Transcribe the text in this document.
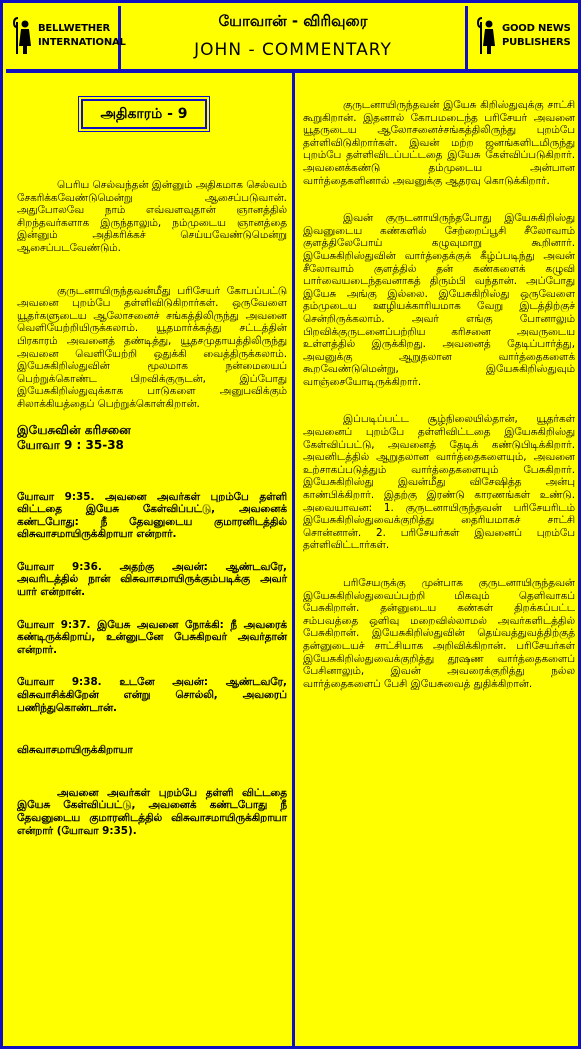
BELLWETHER
INTERNATIONAL
யோவான் - விரிவுரை
JOHN - COMMENTARY
GOOD NEWS
PUBLISHERS
அதிகாரம் - 9

பெரிய செல்வந்தன் இன்னும் அதிகமாக செல்வம் சேகரிக்கவேண்டுமென்று ஆசைப்படுவான். அதுபோலவே நாம் எவ்வளவுதான் ஞானத்தில் சிறந்தவர்களாக இருந்தாலும், நம்முடைய ஞானத்தை இன்னும் அதிகரிக்கச் செய்யவேண்டுமென்று ஆசைப்படவேண்டும்.

குருடனாயிருந்தவன்மீது பரிசேயர் கோபப்பட்டு அவனை புறம்பே தள்ளிவிடுகிறார்கள். ஒருவேளை யூதர்களுடைய ஆலோசனைச் சங்கத்திலிருந்து அவனை வெளியேற்றியிருக்கலாம். யூதமார்க்கத்து சட்டத்தின் பிரகாரம் அவனைத் தண்டித்து, யூதசமுதாயத்திலிருந்து அவனை வெளியேற்றி ஒதுக்கி வைத்திருக்கலாம். இயேசுகிறிஸ்துவின் மூலமாக நன்மையைப் பெற்றுக்கொண்ட பிறவிக்குருடன், இப்போது இயேசுகிறிஸ்துவுக்காக பாடுகளை அனுபவிக்கும் சிலாக்கியத்தைப் பெற்றுக்கொள்கிறான்.

இயேசுவின் கரிசனை
யோவா 9 : 35-38

யோவா 9:35. அவனை அவர்கள் புறம்பே தள்ளி விட்டதை இயேசு கேள்விப்பட்டு, அவனைக் கண்டபோது: நீ தேவனுடைய குமாரனிடத்தில் விசுவாசமாயிருக்கிறாயா என்றார்.

யோவா 9:36. அதற்கு அவன்: ஆண்டவரே, அவரிடத்தில் நான் விசுவாசமாயிருக்கும்படிக்கு அவர் யார் என்றான்.

யோவா 9:37. இயேசு அவனை நோக்கி: நீ அவரைக் கண்டிருக்கிறாய், உன்னுடனே பேசுகிறவர் அவர்தான் என்றார்.

யோவா 9:38. உடனே அவன்: ஆண்டவரே, விசுவாசிக்கிறேன் என்று சொல்லி, அவரைப் பணிந்துகொண்டான்.

விசுவாசமாயிருக்கிறாயா

அவனை அவர்கள் புறம்பே தள்ளி விட்டதை இயேசு கேள்விப்பட்டு, அவனைக் கண்டபோது நீ தேவனுடைய குமாரனிடத்தில் விசுவாசமாயிருக்கிறாயா என்றார் (யோவா 9:35).

குருடனாயிருந்தவன் இயேசு கிறிஸ்துவுக்கு சாட்சி கூறுகிறான். இதனால் கோபமடைந்த பரிசேயர் அவனை யூதருடைய ஆலோசனைச்சங்கத்திலிருந்து புறம்பே தள்ளிவிடுகிறார்கள். இவன் மற்ற ஜனங்களிடமிருந்து புறம்பே தள்ளிவிடப்பட்டதை இயேசு கேள்விப்படுகிறார். அவனைக்கண்டு தம்முடைய அன்பான வார்த்தைகளினால் அவனுக்கு ஆதரவு கொடுக்கிறார்.

இவன் குருடனாயிருந்தபோது இயேசுகிறிஸ்து இவனுடைய கண்களில் சேற்றைப்பூசி சீலோவாம் குளத்திலேபோய் கழுவுமாறு கூறினார். இயேசுகிறிஸ்துவின் வார்த்தைக்குக் கீழ்ப்படிந்து அவன் சீலோவாம் குளத்தில் தன் கண்களைக் கழுவி பார்வையடைந்தவனாகத் திரும்பி வந்தான். அப்போது இயேசு அங்கு இல்லை. இயேசுகிறிஸ்து ஒருவேளை தம்முடைய ஊழியக்காரியமாக வேறு இடத்திற்குச் சென்றிருக்கலாம். அவர் எங்கு போனாலும் பிறவிக்குருடனைப்பற்றிய கரிசனை அவருடைய உள்ளத்தில் இருக்கிறது. அவனைத் தேடிப்பார்த்து, அவனுக்கு ஆறுதலான வார்த்தைகளைக் கூறவேண்டுமென்று, இயேசுகிறிஸ்துவும் வாஞ்சையோடிருக்கிறார்.

இப்படிப்பட்ட சூழ்நிலையில்தான், யூதர்கள் அவனைப் புறம்பே தள்ளிவிட்டதை இயேசுகிறிஸ்து கேள்விப்பட்டு, அவனைத் தேடிக் கண்டுபிடிக்கிறார். அவனிடத்தில் ஆறுதலான வார்த்தைகளையும், அவனை உற்சாகப்படுத்தும் வார்த்தைகளையும் பேசுகிறார். இயேசுகிறிஸ்து இவன்மீது விசேஷித்த அன்பு காண்பிக்கிறார். இதற்கு இரண்டு காரணங்கள் உண்டு. அவையாவன: 1. குருடனாயிருந்தவன் பரிசேயரிடம் இயேசுகிறிஸ்துவைக்குறித்து தைரியமாகச் சாட்சி சொன்னான். 2. பரிசேயர்கள் இவனைப் புறம்பே தள்ளிவிட்டார்கள்.

பரிசேயருக்கு முன்பாக குருடனாயிருந்தவன் இயேசுகிறிஸ்துவைப்பற்றி மிகவும் தெளிவாகப் பேசுகிறான். தன்னுடைய கண்கள் திறக்கப்பட்ட சம்பவத்தை ஒளிவு மறைவில்லாமல் அவர்களிடத்தில் பேசுகிறான். இயேசுகிறிஸ்துவின் தெய்வத்துவத்திற்குத் தன்னுடையச் சாட்சியாக அறிவிக்கிறான். பரிசேயர்கள் இயேசுகிறிஸ்துவைக்குறித்து தூஷண வார்த்தைகளைப் பேசினாலும், இவன் அவரைக்குறித்து நல்ல வார்த்தைகளைப் பேசி இயேசுவைத் துதிக்கிறான்.
